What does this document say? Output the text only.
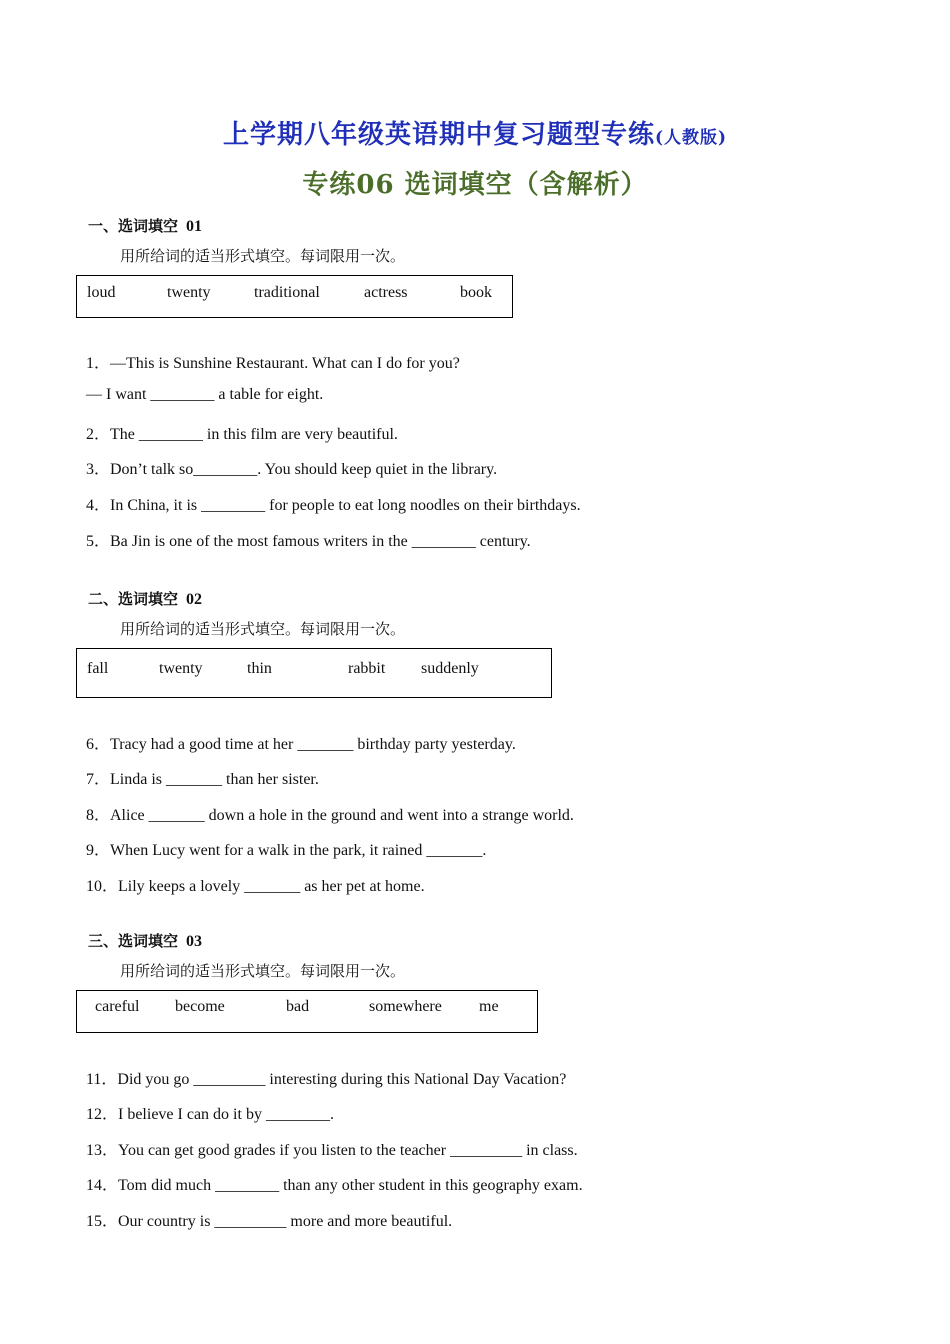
上学期八年级英语期中复习题型专练(人教版)
专练06 选词填空（含解析）
一、选词填空 01
用所给词的适当形式填空。每词限用一次。
loud	twenty	traditional	actress	book
1．—This is Sunshine Restaurant. What can I do for you?
— I want ________ a table for eight.
2．The ________ in this film are very beautiful.
3．Don’t talk so________. You should keep quiet in the library.
4．In China, it is ________ for people to eat long noodles on their birthdays.
5．Ba Jin is one of the most famous writers in the ________ century.
二、选词填空 02
用所给词的适当形式填空。每词限用一次。
fall	twenty	thin	rabbit suddenly
6．Tracy had a good time at her _______ birthday party yesterday.
7．Linda is _______ than her sister.
8．Alice _______ down a hole in the ground and went into a strange world.
9．When Lucy went for a walk in the park, it rained _______.
10．Lily keeps a lovely _______ as her pet at home.
三、选词填空 03
用所给词的适当形式填空。每词限用一次。
careful become	bad	somewhere me
11．Did you go _________ interesting during this National Day Vacation?
12．I believe I can do it by ________.
13．You can get good grades if you listen to the teacher _________ in class.
14．Tom did much ________ than any other student in this geography exam.
15．Our country is _________ more and more beautiful.
